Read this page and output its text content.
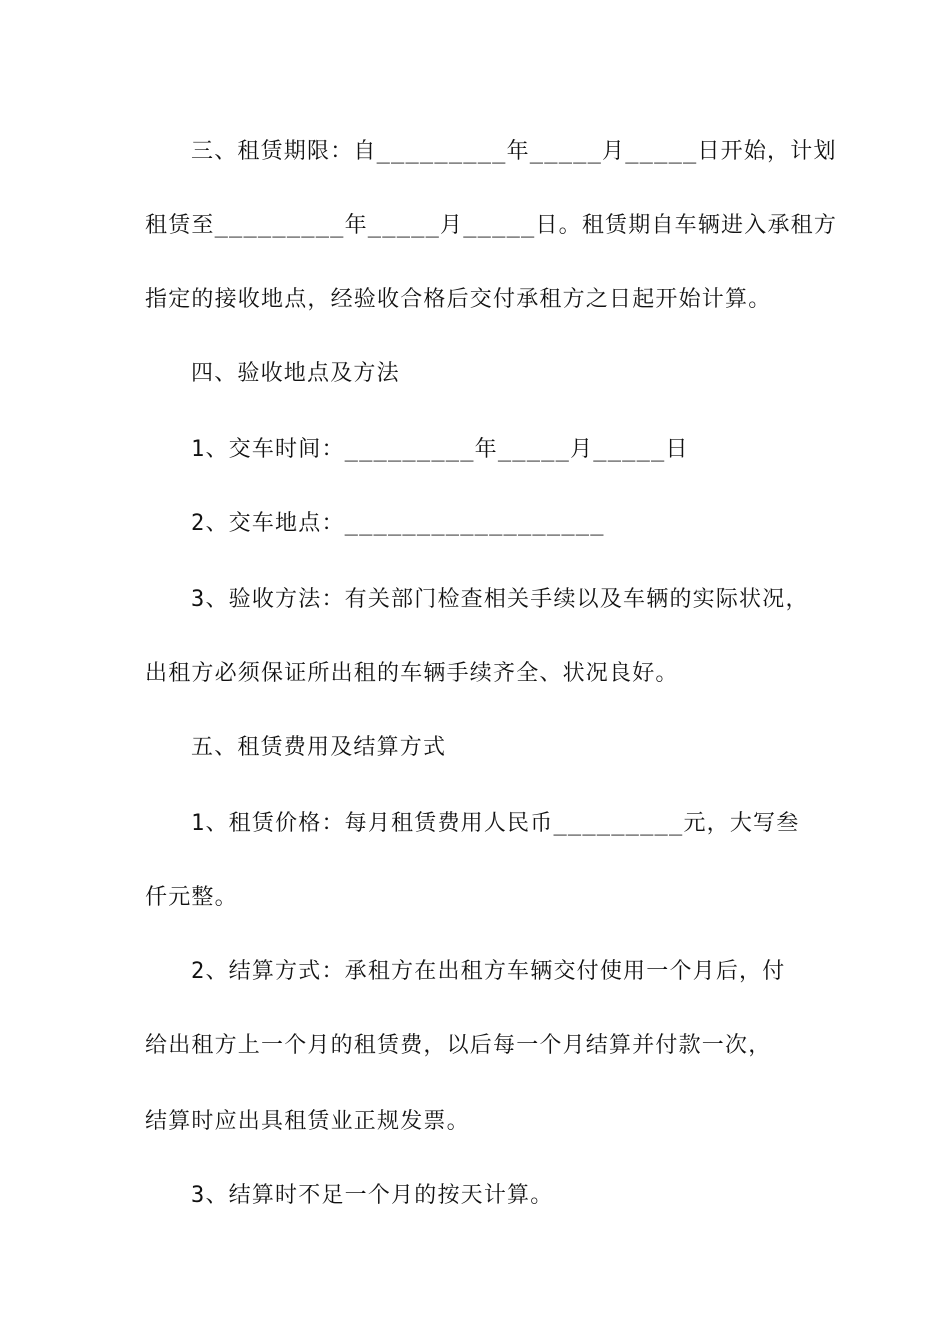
三、租赁期限：自_________年_____月_____日开始，计划
租赁至_________年_____月_____日。租赁期自车辆进入承租方
指定的接收地点，经验收合格后交付承租方之日起开始计算。
四、验收地点及方法
1、交车时间：_________年_____月_____日
2、交车地点：__________________
3、验收方法：有关部门检查相关手续以及车辆的实际状况，
出租方必须保证所出租的车辆手续齐全、状况良好。
五、租赁费用及结算方式
1、租赁价格：每月租赁费用人民币_________元，大写叁
仟元整。
2、结算方式：承租方在出租方车辆交付使用一个月后，付
给出租方上一个月的租赁费，以后每一个月结算并付款一次，
结算时应出具租赁业正规发票。
3、结算时不足一个月的按天计算。
